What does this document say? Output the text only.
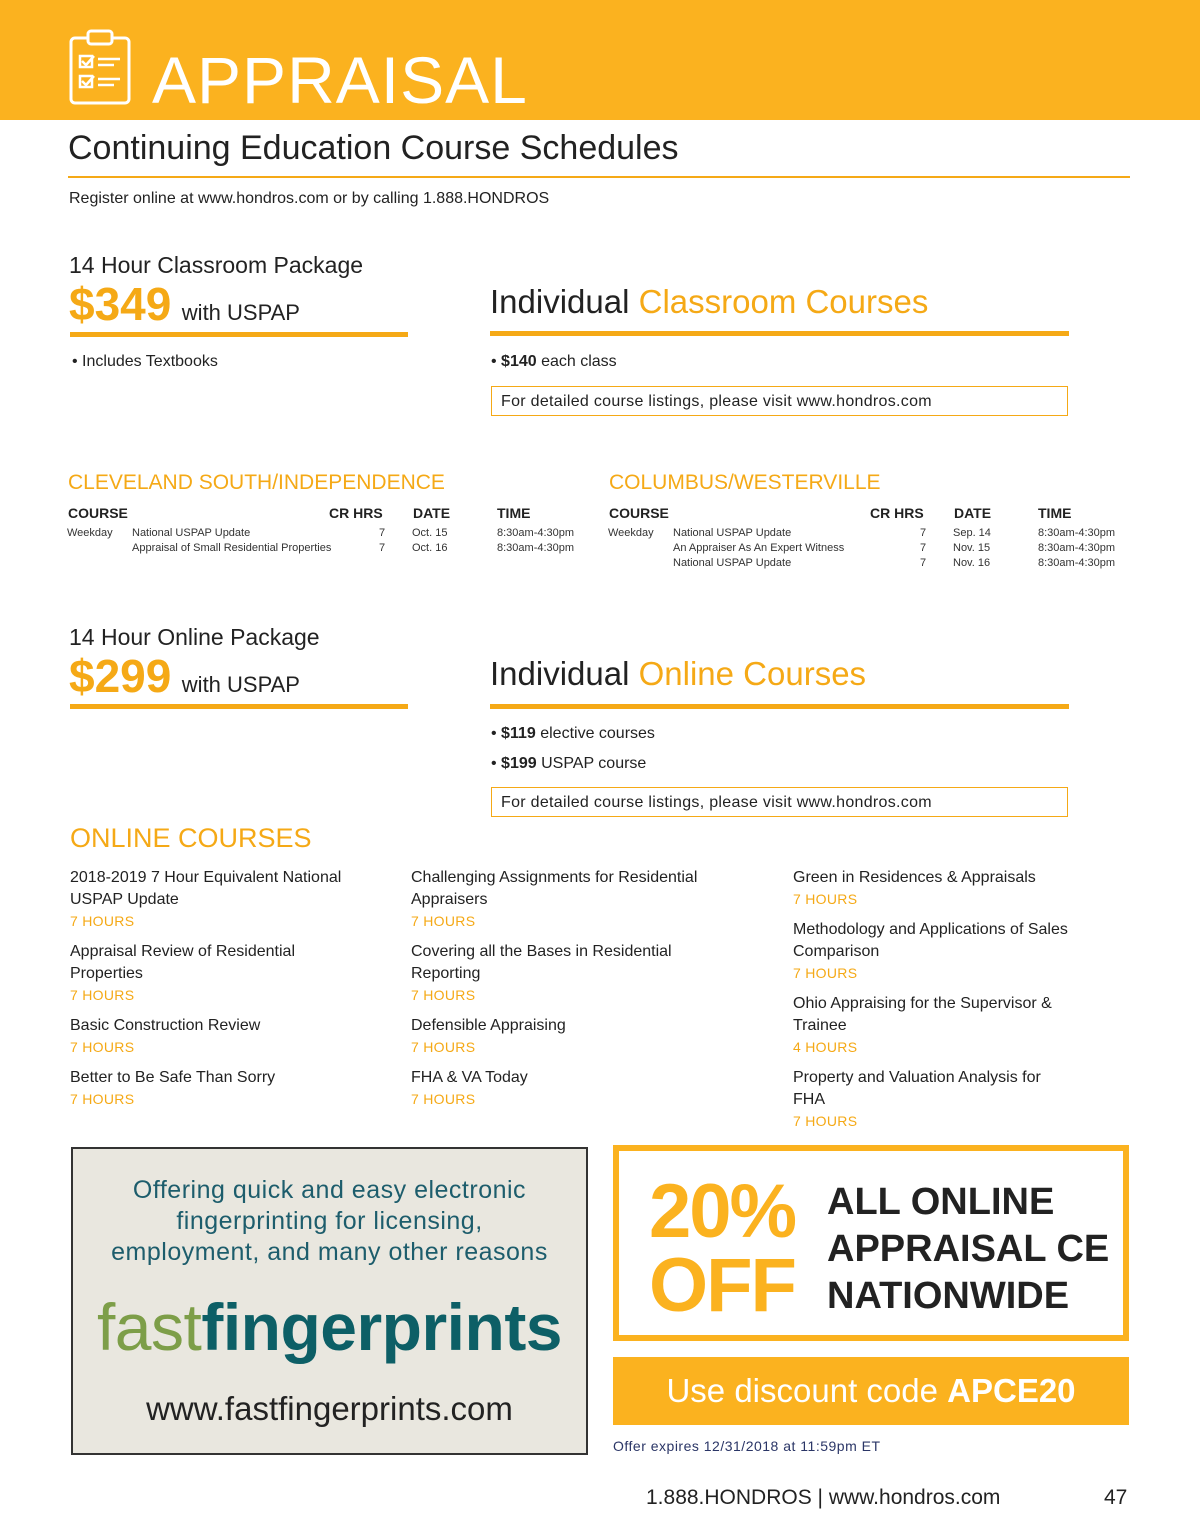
APPRAISAL
Continuing Education Course Schedules
Register online at www.hondros.com or by calling 1.888.HONDROS
14 Hour Classroom Package
$349 with USPAP
• Includes Textbooks
Individual Classroom Courses
• $140 each class
For detailed course listings, please visit www.hondros.com
CLEVELAND SOUTH/INDEPENDENCE
COURSE	CR HRS DATE	TIME
Weekday National USPAP Update	7 Oct. 15	8:30am-4:30pm
Appraisal of Small Residential Properties	7 Oct. 16	8:30am-4:30pm
COLUMBUS/WESTERVILLE
COURSE	CR HRS DATE	TIME
Weekday National USPAP Update	7 Sep. 14	8:30am-4:30pm
An Appraiser As An Expert Witness	7 Nov. 15	8:30am-4:30pm
National USPAP Update	7 Nov. 16	8:30am-4:30pm
14 Hour Online Package
$299 with USPAP	Individual Online Courses
• $119 elective courses
• $199 USPAP course
For detailed course listings, please visit www.hondros.com
ONLINE COURSES
2018-2019 7 Hour Equivalent National USPAP Update
7 HOURS
Appraisal Review of Residential Properties
7 HOURS
Basic Construction Review
7 HOURS
Better to Be Safe Than Sorry
7 HOURS
Challenging Assignments for Residential Appraisers
7 HOURS
Covering all the Bases in Residential Reporting
7 HOURS
Defensible Appraising
7 HOURS
FHA & VA Today
7 HOURS
Green in Residences & Appraisals
7 HOURS
Methodology and Applications of Sales Comparison
7 HOURS
Ohio Appraising for the Supervisor & Trainee
4 HOURS
Property and Valuation Analysis for FHA
7 HOURS
Offering quick and easy electronic
fingerprinting for licensing,
employment, and many other reasons
fastfingerprints
www.fastfingerprints.com
20%
OFF
ALL ONLINE
APPRAISAL CE
NATIONWIDE
Use discount code APCE20
Offer expires 12/31/2018 at 11:59pm ET
1.888.HONDROS | www.hondros.com	47
